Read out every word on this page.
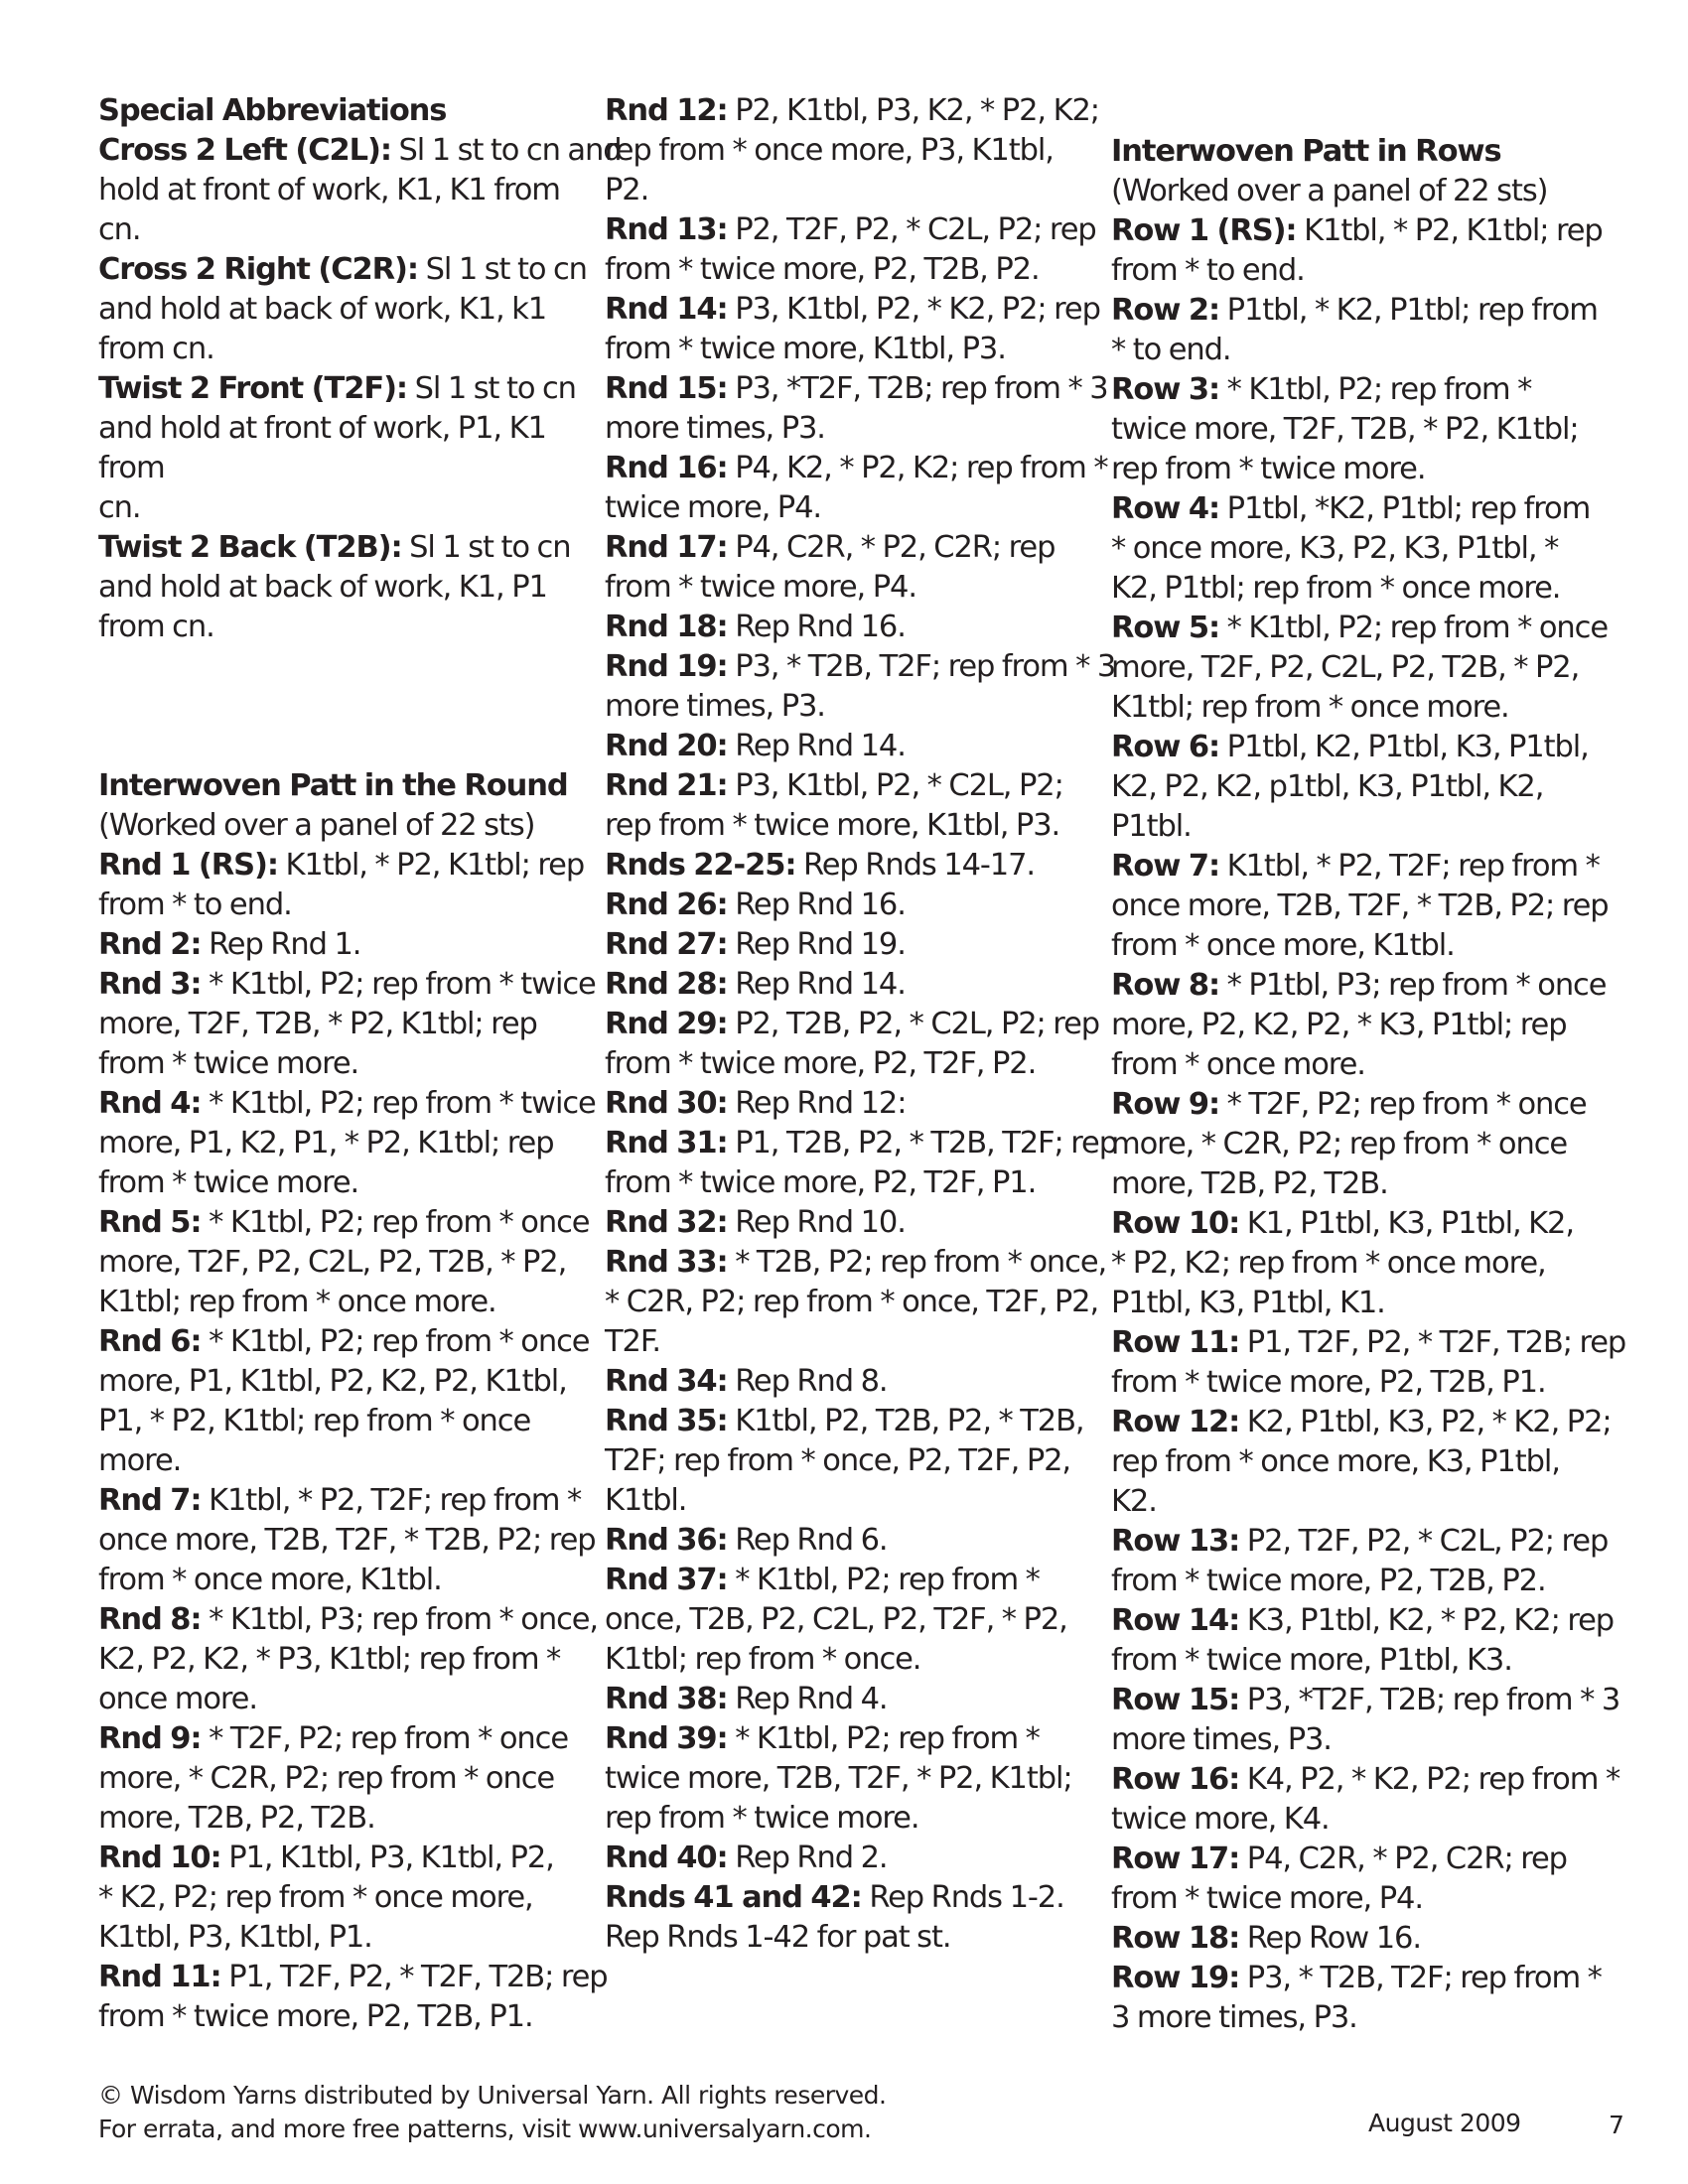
Special Abbreviations
Cross 2 Left (C2L): Sl 1 st to cn and
hold at front of work, K1, K1 from
cn.
Cross 2 Right (C2R): Sl 1 st to cn
and hold at back of work, K1, k1
from cn.
Twist 2 Front (T2F): Sl 1 st to cn
and hold at front of work, P1, K1
from
cn.
Twist 2 Back (T2B): Sl 1 st to cn
and hold at back of work, K1, P1
from cn.
Interwoven Patt in the Round
(Worked over a panel of 22 sts)
Rnd 1 (RS): K1tbl, * P2, K1tbl; rep
from * to end.
Rnd 2: Rep Rnd 1.
Rnd 3: * K1tbl, P2; rep from * twice
more, T2F, T2B, * P2, K1tbl; rep
from * twice more.
Rnd 4: * K1tbl, P2; rep from * twice
more, P1, K2, P1, * P2, K1tbl; rep
from * twice more.
Rnd 5: * K1tbl, P2; rep from * once
more, T2F, P2, C2L, P2, T2B, * P2,
K1tbl; rep from * once more.
Rnd 6: * K1tbl, P2; rep from * once
more, P1, K1tbl, P2, K2, P2, K1tbl,
P1, * P2, K1tbl; rep from * once
more.
Rnd 7: K1tbl, * P2, T2F; rep from *
once more, T2B, T2F, * T2B, P2; rep
from * once more, K1tbl.
Rnd 8: * K1tbl, P3; rep from * once,
K2, P2, K2, * P3, K1tbl; rep from *
once more.
Rnd 9: * T2F, P2; rep from * once
more, * C2R, P2; rep from * once
more, T2B, P2, T2B.
Rnd 10: P1, K1tbl, P3, K1tbl, P2,
* K2, P2; rep from * once more,
K1tbl, P3, K1tbl, P1.
Rnd 11: P1, T2F, P2, * T2F, T2B; rep
from * twice more, P2, T2B, P1.
Rnd 12: P2, K1tbl, P3, K2, * P2, K2;
rep from * once more, P3, K1tbl,
P2.
Rnd 13: P2, T2F, P2, * C2L, P2; rep
from * twice more, P2, T2B, P2.
Rnd 14: P3, K1tbl, P2, * K2, P2; rep
from * twice more, K1tbl, P3.
Rnd 15: P3, *T2F, T2B; rep from * 3
more times, P3.
Rnd 16: P4, K2, * P2, K2; rep from *
twice more, P4.
Rnd 17: P4, C2R, * P2, C2R; rep
from * twice more, P4.
Rnd 18: Rep Rnd 16.
Rnd 19: P3, * T2B, T2F; rep from * 3
more times, P3.
Rnd 20: Rep Rnd 14.
Rnd 21: P3, K1tbl, P2, * C2L, P2;
rep from * twice more, K1tbl, P3.
Rnds 22-25: Rep Rnds 14-17.
Rnd 26: Rep Rnd 16.
Rnd 27: Rep Rnd 19.
Rnd 28: Rep Rnd 14.
Rnd 29: P2, T2B, P2, * C2L, P2; rep
from * twice more, P2, T2F, P2.
Rnd 30: Rep Rnd 12:
Rnd 31: P1, T2B, P2, * T2B, T2F; rep
from * twice more, P2, T2F, P1.
Rnd 32: Rep Rnd 10.
Rnd 33: * T2B, P2; rep from * once,
* C2R, P2; rep from * once, T2F, P2,
T2F.
Rnd 34: Rep Rnd 8.
Rnd 35: K1tbl, P2, T2B, P2, * T2B,
T2F; rep from * once, P2, T2F, P2,
K1tbl.
Rnd 36: Rep Rnd 6.
Rnd 37: * K1tbl, P2; rep from *
once, T2B, P2, C2L, P2, T2F, * P2,
K1tbl; rep from * once.
Rnd 38: Rep Rnd 4.
Rnd 39: * K1tbl, P2; rep from *
twice more, T2B, T2F, * P2, K1tbl;
rep from * twice more.
Rnd 40: Rep Rnd 2.
Rnds 41 and 42: Rep Rnds 1-2.
Rep Rnds 1-42 for pat st.
Interwoven Patt in Rows
(Worked over a panel of 22 sts)
Row 1 (RS): K1tbl, * P2, K1tbl; rep
from * to end.
Row 2: P1tbl, * K2, P1tbl; rep from
* to end.
Row 3: * K1tbl, P2; rep from *
twice more, T2F, T2B, * P2, K1tbl;
rep from * twice more.
Row 4: P1tbl, *K2, P1tbl; rep from
* once more, K3, P2, K3, P1tbl, *
K2, P1tbl; rep from * once more.
Row 5: * K1tbl, P2; rep from * once
more, T2F, P2, C2L, P2, T2B, * P2,
K1tbl; rep from * once more.
Row 6: P1tbl, K2, P1tbl, K3, P1tbl,
K2, P2, K2, p1tbl, K3, P1tbl, K2,
P1tbl.
Row 7: K1tbl, * P2, T2F; rep from *
once more, T2B, T2F, * T2B, P2; rep
from * once more, K1tbl.
Row 8: * P1tbl, P3; rep from * once
more, P2, K2, P2, * K3, P1tbl; rep
from * once more.
Row 9: * T2F, P2; rep from * once
more, * C2R, P2; rep from * once
more, T2B, P2, T2B.
Row 10: K1, P1tbl, K3, P1tbl, K2,
* P2, K2; rep from * once more,
P1tbl, K3, P1tbl, K1.
Row 11: P1, T2F, P2, * T2F, T2B; rep
from * twice more, P2, T2B, P1.
Row 12: K2, P1tbl, K3, P2, * K2, P2;
rep from * once more, K3, P1tbl,
K2.
Row 13: P2, T2F, P2, * C2L, P2; rep
from * twice more, P2, T2B, P2.
Row 14: K3, P1tbl, K2, * P2, K2; rep
from * twice more, P1tbl, K3.
Row 15: P3, *T2F, T2B; rep from * 3
more times, P3.
Row 16: K4, P2, * K2, P2; rep from *
twice more, K4.
Row 17: P4, C2R, * P2, C2R; rep
from * twice more, P4.
Row 18: Rep Row 16.
Row 19: P3, * T2B, T2F; rep from *
3 more times, P3.
© Wisdom Yarns distributed by Universal Yarn. All rights reserved.
For errata, and more free patterns, visit www.universalyarn.com.	August 2009	7
